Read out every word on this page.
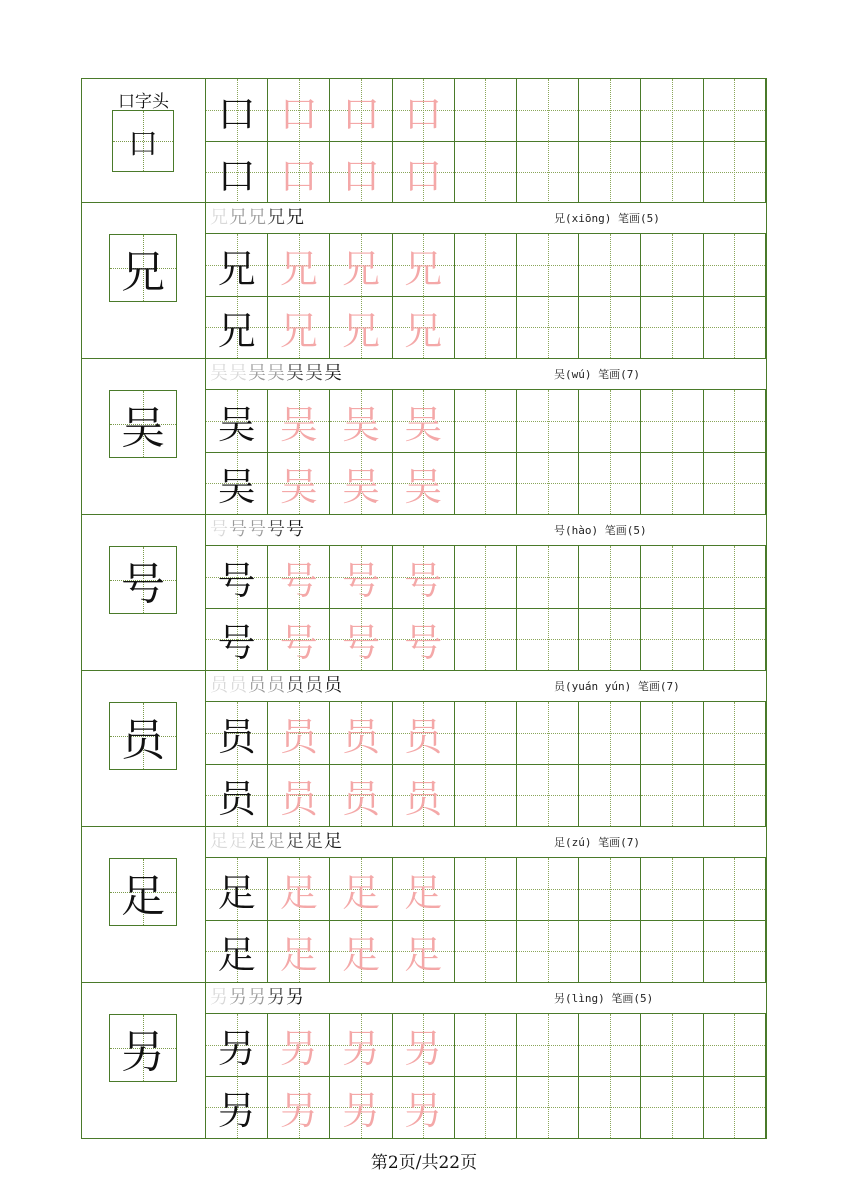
口字头
口
口 口 口 口
口 口 口 口
兄
兄 兄 兄 兄 兄	兄(xiōng) 笔画(5)
兄 兄 兄 兄
兄 兄 兄 兄
吴
吴 吴 吴 吴 吴 吴 吴	吴(wú) 笔画(7)
吴 吴 吴 吴
吴 吴 吴 吴
号
号 号 号 号 号	号(hào) 笔画(5)
号 号 号 号
号 号 号 号
员
员 员 员 员 员 员 员	员(yuán yún) 笔画(7)
员 员 员 员
员 员 员 员
足
足 足 足 足 足 足 足	足(zú) 笔画(7)
足 足 足 足
足 足 足 足
另
另 另 另 另 另	另(lìng) 笔画(5)
另 另 另 另
另 另 另 另
第2页/共22页
